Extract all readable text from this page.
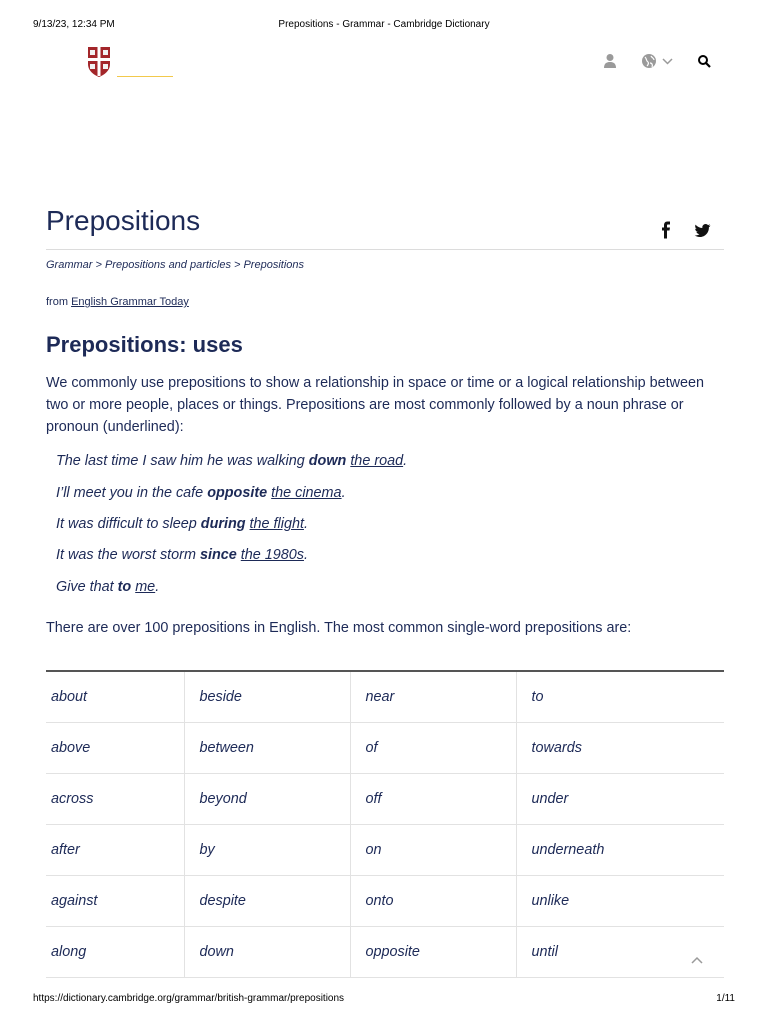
9/13/23, 12:34 PM	Prepositions - Grammar - Cambridge Dictionary
https://dictionary.cambridge.org/grammar/british-grammar/prepositions	1/11
Prepositions
Grammar > Prepositions and particles > Prepositions
from English Grammar Today
Prepositions: uses

We commonly use prepositions to show a relationship in space or time or a logical relationship between two or more people, places or things. Prepositions are most commonly followed by a noun phrase or pronoun (underlined):

The last time I saw him he was walking down the road.
I’ll meet you in the cafe opposite the cinema.
It was difficult to sleep during the flight.
It was the worst storm since the 1980s.
Give that to me.

There are over 100 prepositions in English. The most common single-word prepositions are:

about	beside	near	to
above	between	of	towards
across	beyond	off	under
after	by	on	underneath
against	despite	onto	unlike
along	down	opposite	until
